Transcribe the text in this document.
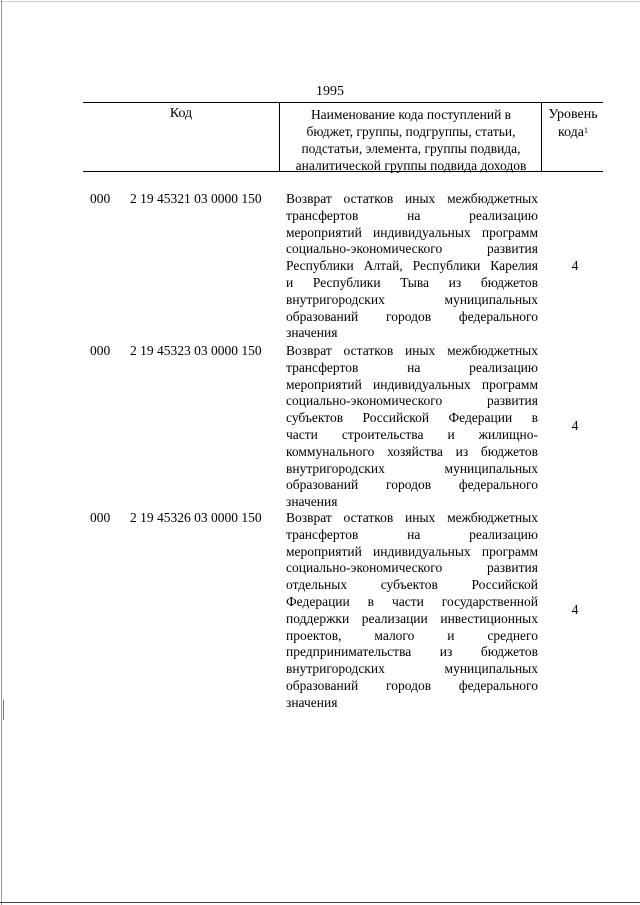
1995
Код	Наименование кода поступлений в
бюджет, группы, подгруппы, статьи,
подстатьи, элемента, группы подвида,
аналитической группы подвида доходов
Уровень
кода$^1$
000 2 19 45321 03 0000 150 Возврат остатков иных межбюджетных
трансфертов на реализацию
мероприятий индивидуальных программ
социально-экономического развития
Республики Алтай, Республики Карелия
и Республики Тыва из бюджетов
внутригородских муниципальных
образований городов федерального
значения
4
000 2 19 45323 03 0000 150 Возврат остатков иных межбюджетных
трансфертов на реализацию
мероприятий индивидуальных программ
социально-экономического развития
субъектов Российской Федерации в
части строительства и жилищно-
коммунального хозяйства из бюджетов
внутригородских муниципальных
образований городов федерального
значения
4
000 2 19 45326 03 0000 150 Возврат остатков иных межбюджетных
трансфертов на реализацию
мероприятий индивидуальных программ
социально-экономического развития
отдельных субъектов Российской
Федерации в части государственной
поддержки реализации инвестиционных
проектов, малого и среднего
предпринимательства из бюджетов
внутригородских муниципальных
образований городов федерального
значения
4
